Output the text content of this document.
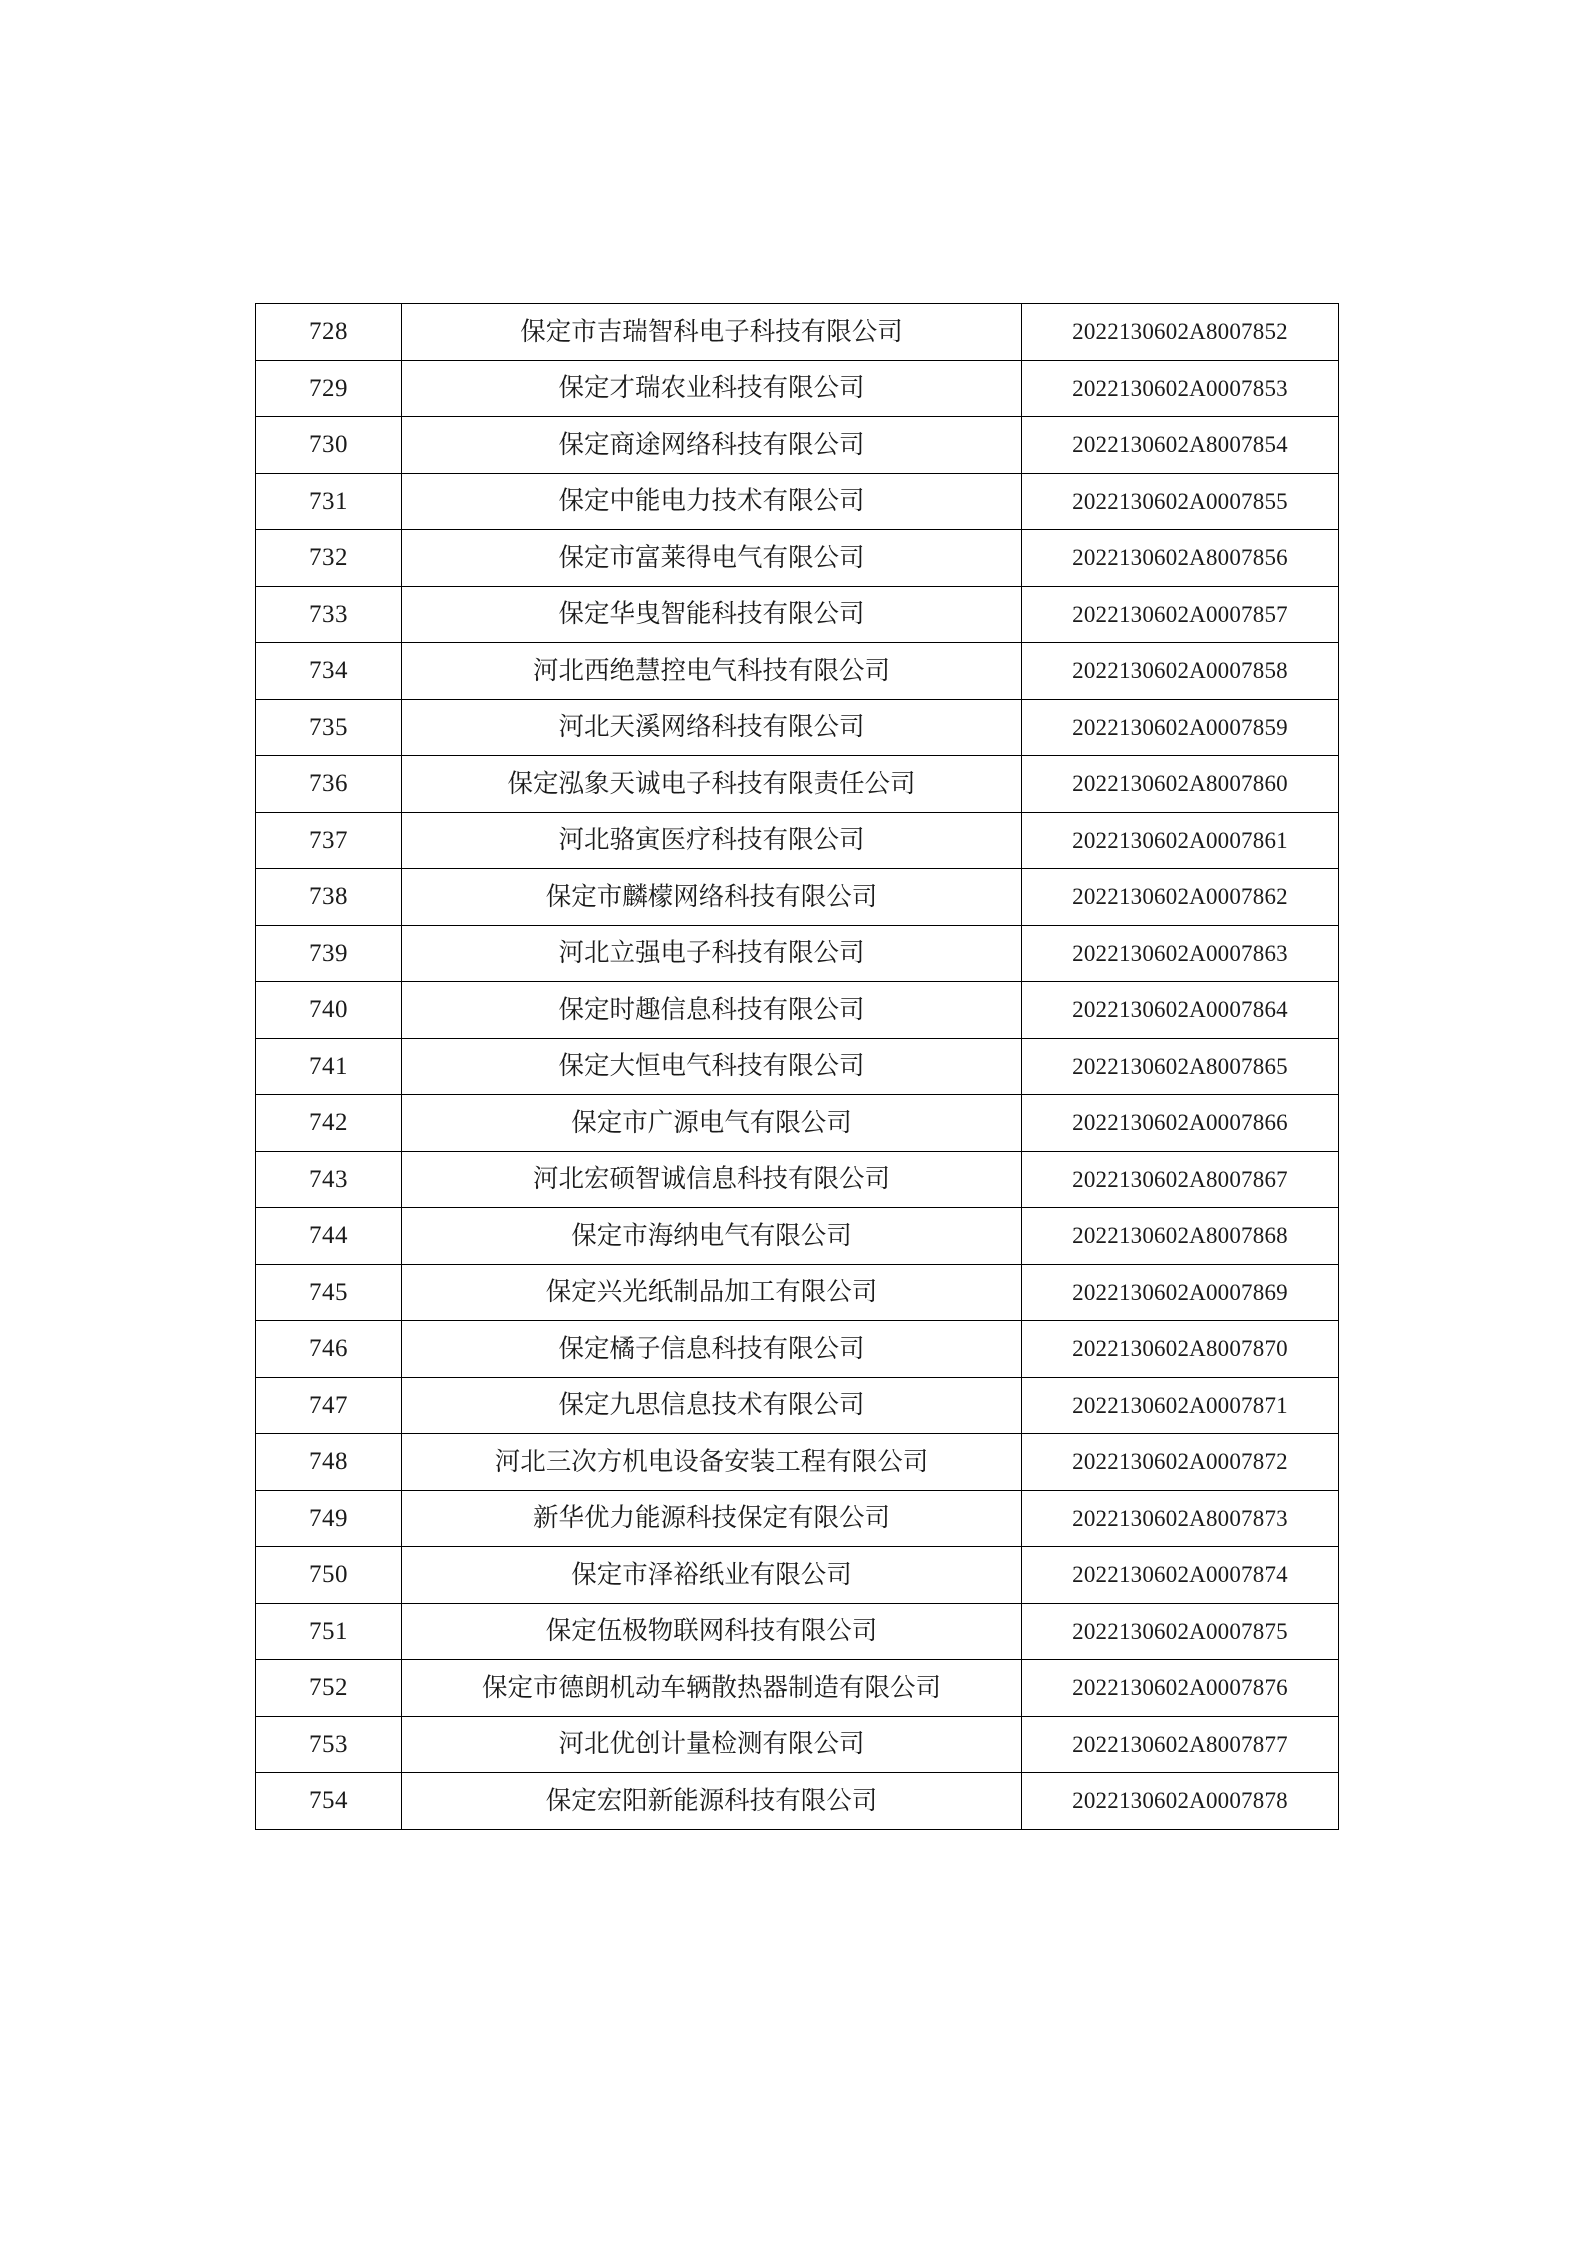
728	保定市吉瑞智科电子科技有限公司	2022130602A8007852
729	保定才瑞农业科技有限公司	2022130602A0007853
730	保定商途网络科技有限公司	2022130602A8007854
731	保定中能电力技术有限公司	2022130602A0007855
732	保定市富莱得电气有限公司	2022130602A8007856
733	保定华曳智能科技有限公司	2022130602A0007857
734	河北西绝慧控电气科技有限公司	2022130602A0007858
735	河北天溪网络科技有限公司	2022130602A0007859
736	保定泓象天诚电子科技有限责任公司	2022130602A8007860
737	河北骆寅医疗科技有限公司	2022130602A0007861
738	保定市麟檬网络科技有限公司	2022130602A0007862
739	河北立强电子科技有限公司	2022130602A0007863
740	保定时趣信息科技有限公司	2022130602A0007864
741	保定大恒电气科技有限公司	2022130602A8007865
742	保定市广源电气有限公司	2022130602A0007866
743	河北宏硕智诚信息科技有限公司	2022130602A8007867
744	保定市海纳电气有限公司	2022130602A8007868
745	保定兴光纸制品加工有限公司	2022130602A0007869
746	保定橘子信息科技有限公司	2022130602A8007870
747	保定九思信息技术有限公司	2022130602A0007871
748	河北三次方机电设备安装工程有限公司	2022130602A0007872
749	新华优力能源科技保定有限公司	2022130602A8007873
750	保定市泽裕纸业有限公司	2022130602A0007874
751	保定伍极物联网科技有限公司	2022130602A0007875
752	保定市德朗机动车辆散热器制造有限公司	2022130602A0007876
753	河北优创计量检测有限公司	2022130602A8007877
754	保定宏阳新能源科技有限公司	2022130602A0007878
